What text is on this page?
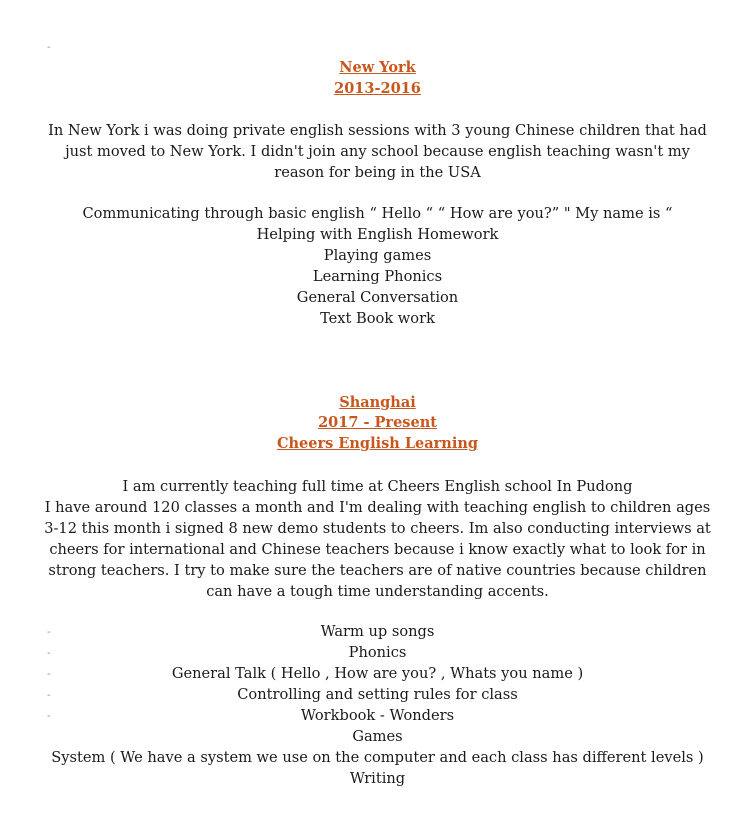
-
New York
2013-2016
In New York i was doing private english sessions with 3 young Chinese children that had just moved to New York. I didn't join any school because english teaching wasn't my reason for being in the USA
Communicating through basic english “ Hello “ “ How are you?” " My name is “
Helping with English Homework
Playing games
Learning Phonics
General Conversation
Text Book work
Shanghai
2017 - Present
Cheers English Learning
I am currently teaching full time at Cheers English school In Pudong
I have around 120 classes a month and I'm dealing with teaching english to children ages 3-12 this month i signed 8 new demo students to cheers. Im also conducting interviews at cheers for international and Chinese teachers because i know exactly what to look for in strong teachers. I try to make sure the teachers are of native countries because children can have a tough time understanding accents.
-
-
-
-
-
Warm up songs
Phonics
General Talk ( Hello , How are you? , Whats you name )
Controlling and setting rules for class
Workbook - Wonders
Games
System ( We have a system we use on the computer and each class has different levels )
Writing
